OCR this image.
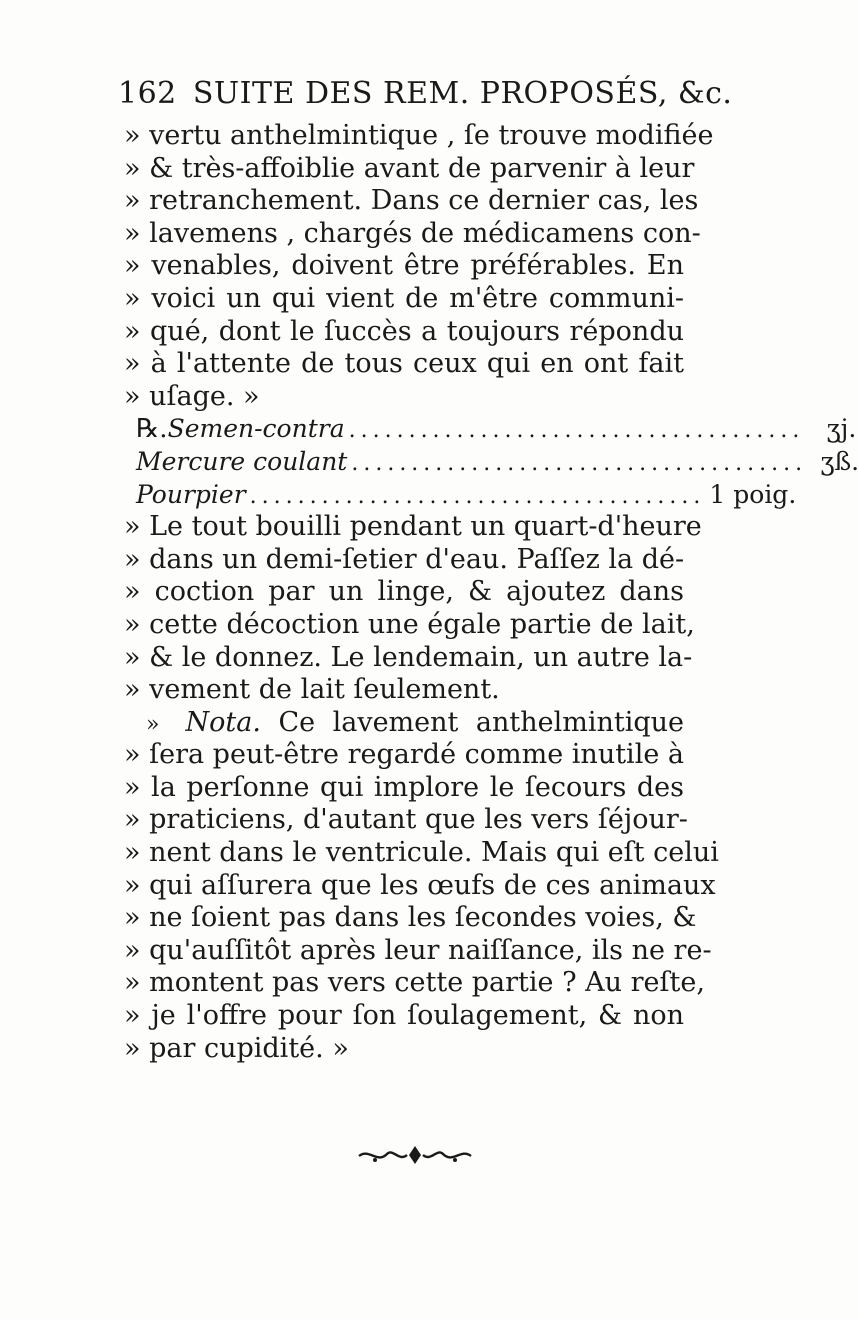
162 SUITE DES REM. PROPOSÉS, &c.
» vertu anthelmintique , ſe trouve modifiée
» & très-affoiblie avant de parvenir à leur
» retranchement. Dans ce dernier cas, les
» lavemens , chargés de médicamens con-
» venables, doivent être préférables. En
» voici un qui vient de m'être communi-
» qué, dont le ſuccès a toujours répondu
» à l'attente de tous ceux qui en ont fait
» uſage. »
℞. Semen-contra ...................................... ʒj.
Mercure coulant ...................................... ʒß.
Pourpier ...................................... 1 poig.
» Le tout bouilli pendant un quart-d'heure
» dans un demi-ſetier d'eau. Paſſez la dé-
» coction par un linge, & ajoutez dans
» cette décoction une égale partie de lait,
» & le donnez. Le lendemain, un autre la-
» vement de lait ſeulement.
» Nota. Ce lavement anthelmintique
» ſera peut-être regardé comme inutile à
» la perſonne qui implore le ſecours des
» praticiens, d'autant que les vers ſéjour-
» nent dans le ventricule. Mais qui eſt celui
» qui aſſurera que les œufs de ces animaux
» ne ſoient pas dans les ſecondes voies, &
» qu'auſſitôt après leur naiſſance, ils ne re-
» montent pas vers cette partie ? Au reſte,
» je l'offre pour ſon ſoulagement, & non
» par cupidité. »
